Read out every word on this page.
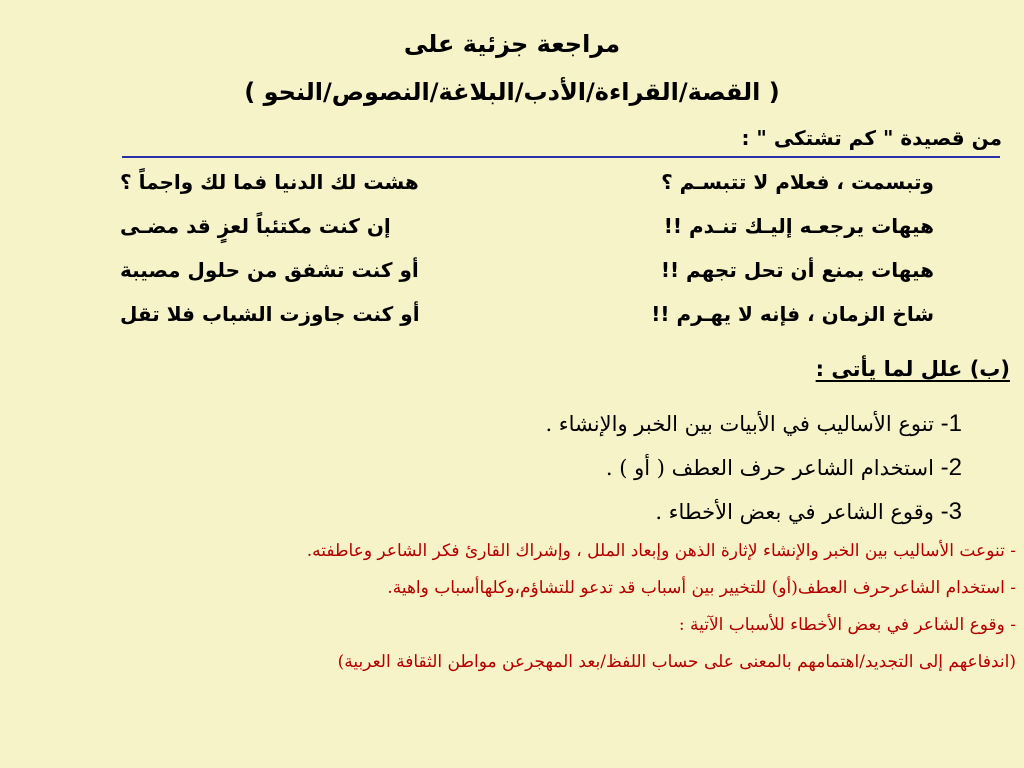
مراجعة جزئية على
( القصة/القراءة/الأدب/البلاغة/النصوص/النحو )
من قصيدة " كم تشتكى " :
هشت لك الدنيا فما لك واجماً ؟	وتبسمت ، فعلام لا تتبسـم ؟
إن كنت مكتئباً لعزٍ قد مضـى	هيهات يرجعـه إليـك تنـدم !!
أو كنت تشفق من حلول مصيبة	هيهات يمنع أن تحل تجهم !!
أو كنت جاوزت الشباب فلا تقل	شاخ الزمان ، فإنه لا يهـرم !!
(ب) علل لما يأتى :
1- تنوع الأساليب في الأبيات بين الخبر والإنشاء .
2- استخدام الشاعر حرف العطف ( أو ) .
3- وقوع الشاعر في بعض الأخطاء .
- تنوعت الأساليب بين الخبر والإنشاء لإثارة الذهن وإبعاد الملل ، وإشراك القارئ فكر الشاعر وعاطفته.
- استخدام الشاعرحرف العطف(أو) للتخيير بين أسباب قد تدعو للتشاؤم،وكلهاأسباب واهية.
- وقوع الشاعر في بعض الأخطاء للأسباب الآتية :
(اندفاعهم إلى التجديد/اهتمامهم بالمعنى على حساب اللفظ/بعد المهجرعن مواطن الثقافة العربية)
